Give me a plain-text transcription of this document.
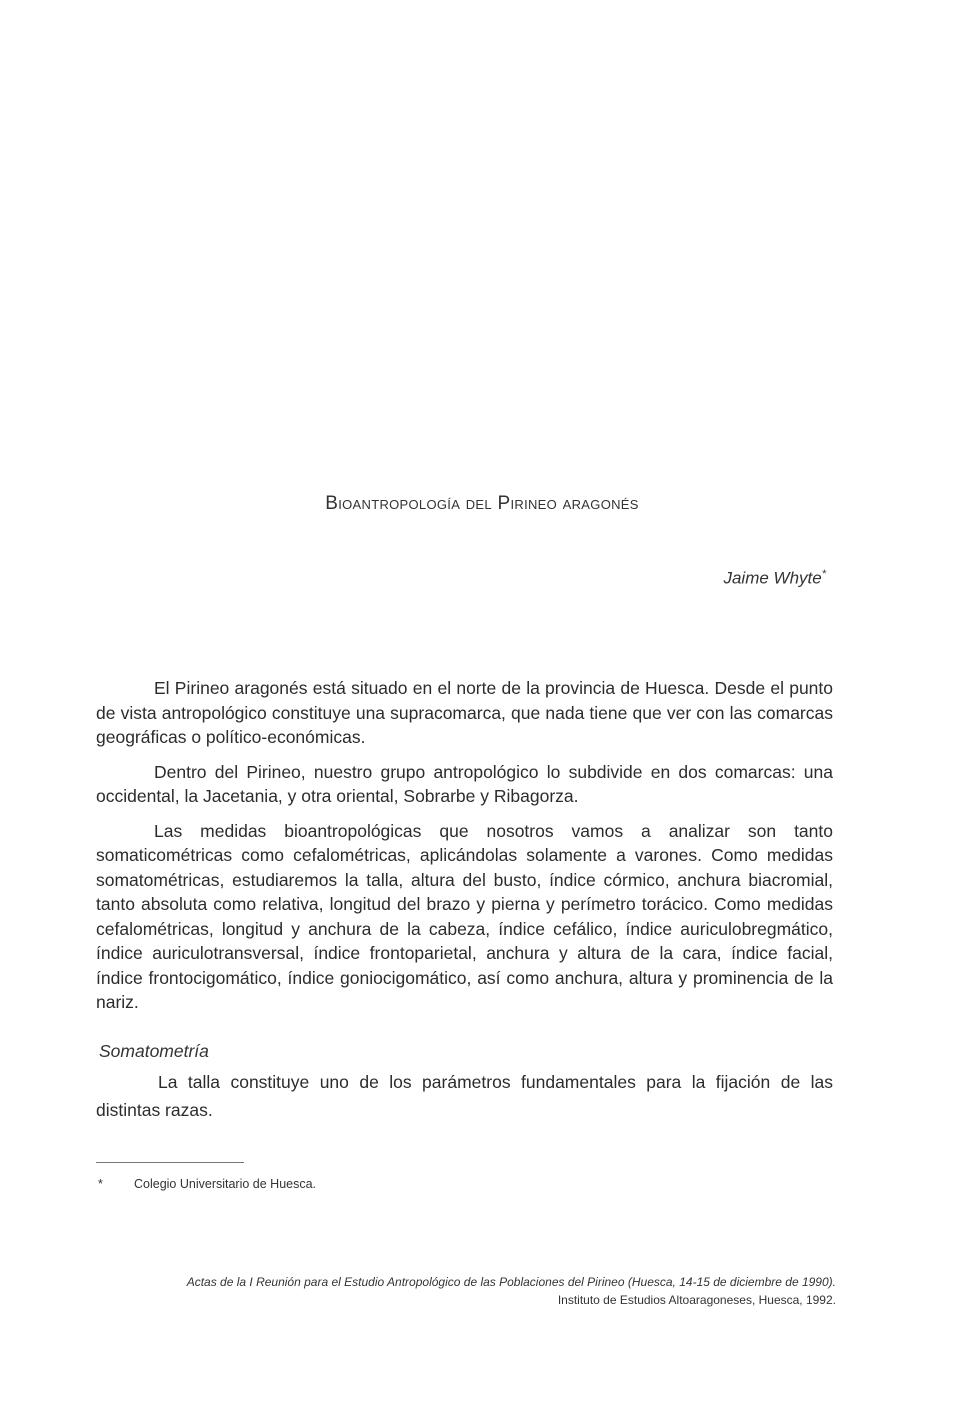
Bioantropología del Pirineo aragonés
Jaime Whyte*

El Pirineo aragonés está situado en el norte de la provincia de Huesca. Desde el punto de vista antropológico constituye una supracomarca, que nada tiene que ver con las comarcas geográficas o político-económicas.

Dentro del Pirineo, nuestro grupo antropológico lo subdivide en dos comarcas: una occidental, la Jacetania, y otra oriental, Sobrarbe y Ribagorza.

Las medidas bioantropológicas que nosotros vamos a analizar son tanto somaticométricas como cefalométricas, aplicándolas solamente a varones. Como medidas somatométricas, estudiaremos la talla, altura del busto, índice córmico, anchura biacromial, tanto absoluta como relativa, longitud del brazo y pierna y perímetro torácico. Como medidas cefalométricas, longitud y anchura de la cabeza, índice cefálico, índice auriculobregmático, índice auriculotransversal, índice frontoparietal, anchura y altura de la cara, índice facial, índice frontocigomático, índice goniocigomático, así como anchura, altura y prominencia de la nariz.

Somatometría

La talla constituye uno de los parámetros fundamentales para la fijación de las distintas razas.

* Colegio Universitario de Huesca.
Actas de la I Reunión para el Estudio Antropológico de las Poblaciones del Pirineo (Huesca, 14-15 de diciembre de 1990).
Instituto de Estudios Altoaragoneses, Huesca, 1992.
